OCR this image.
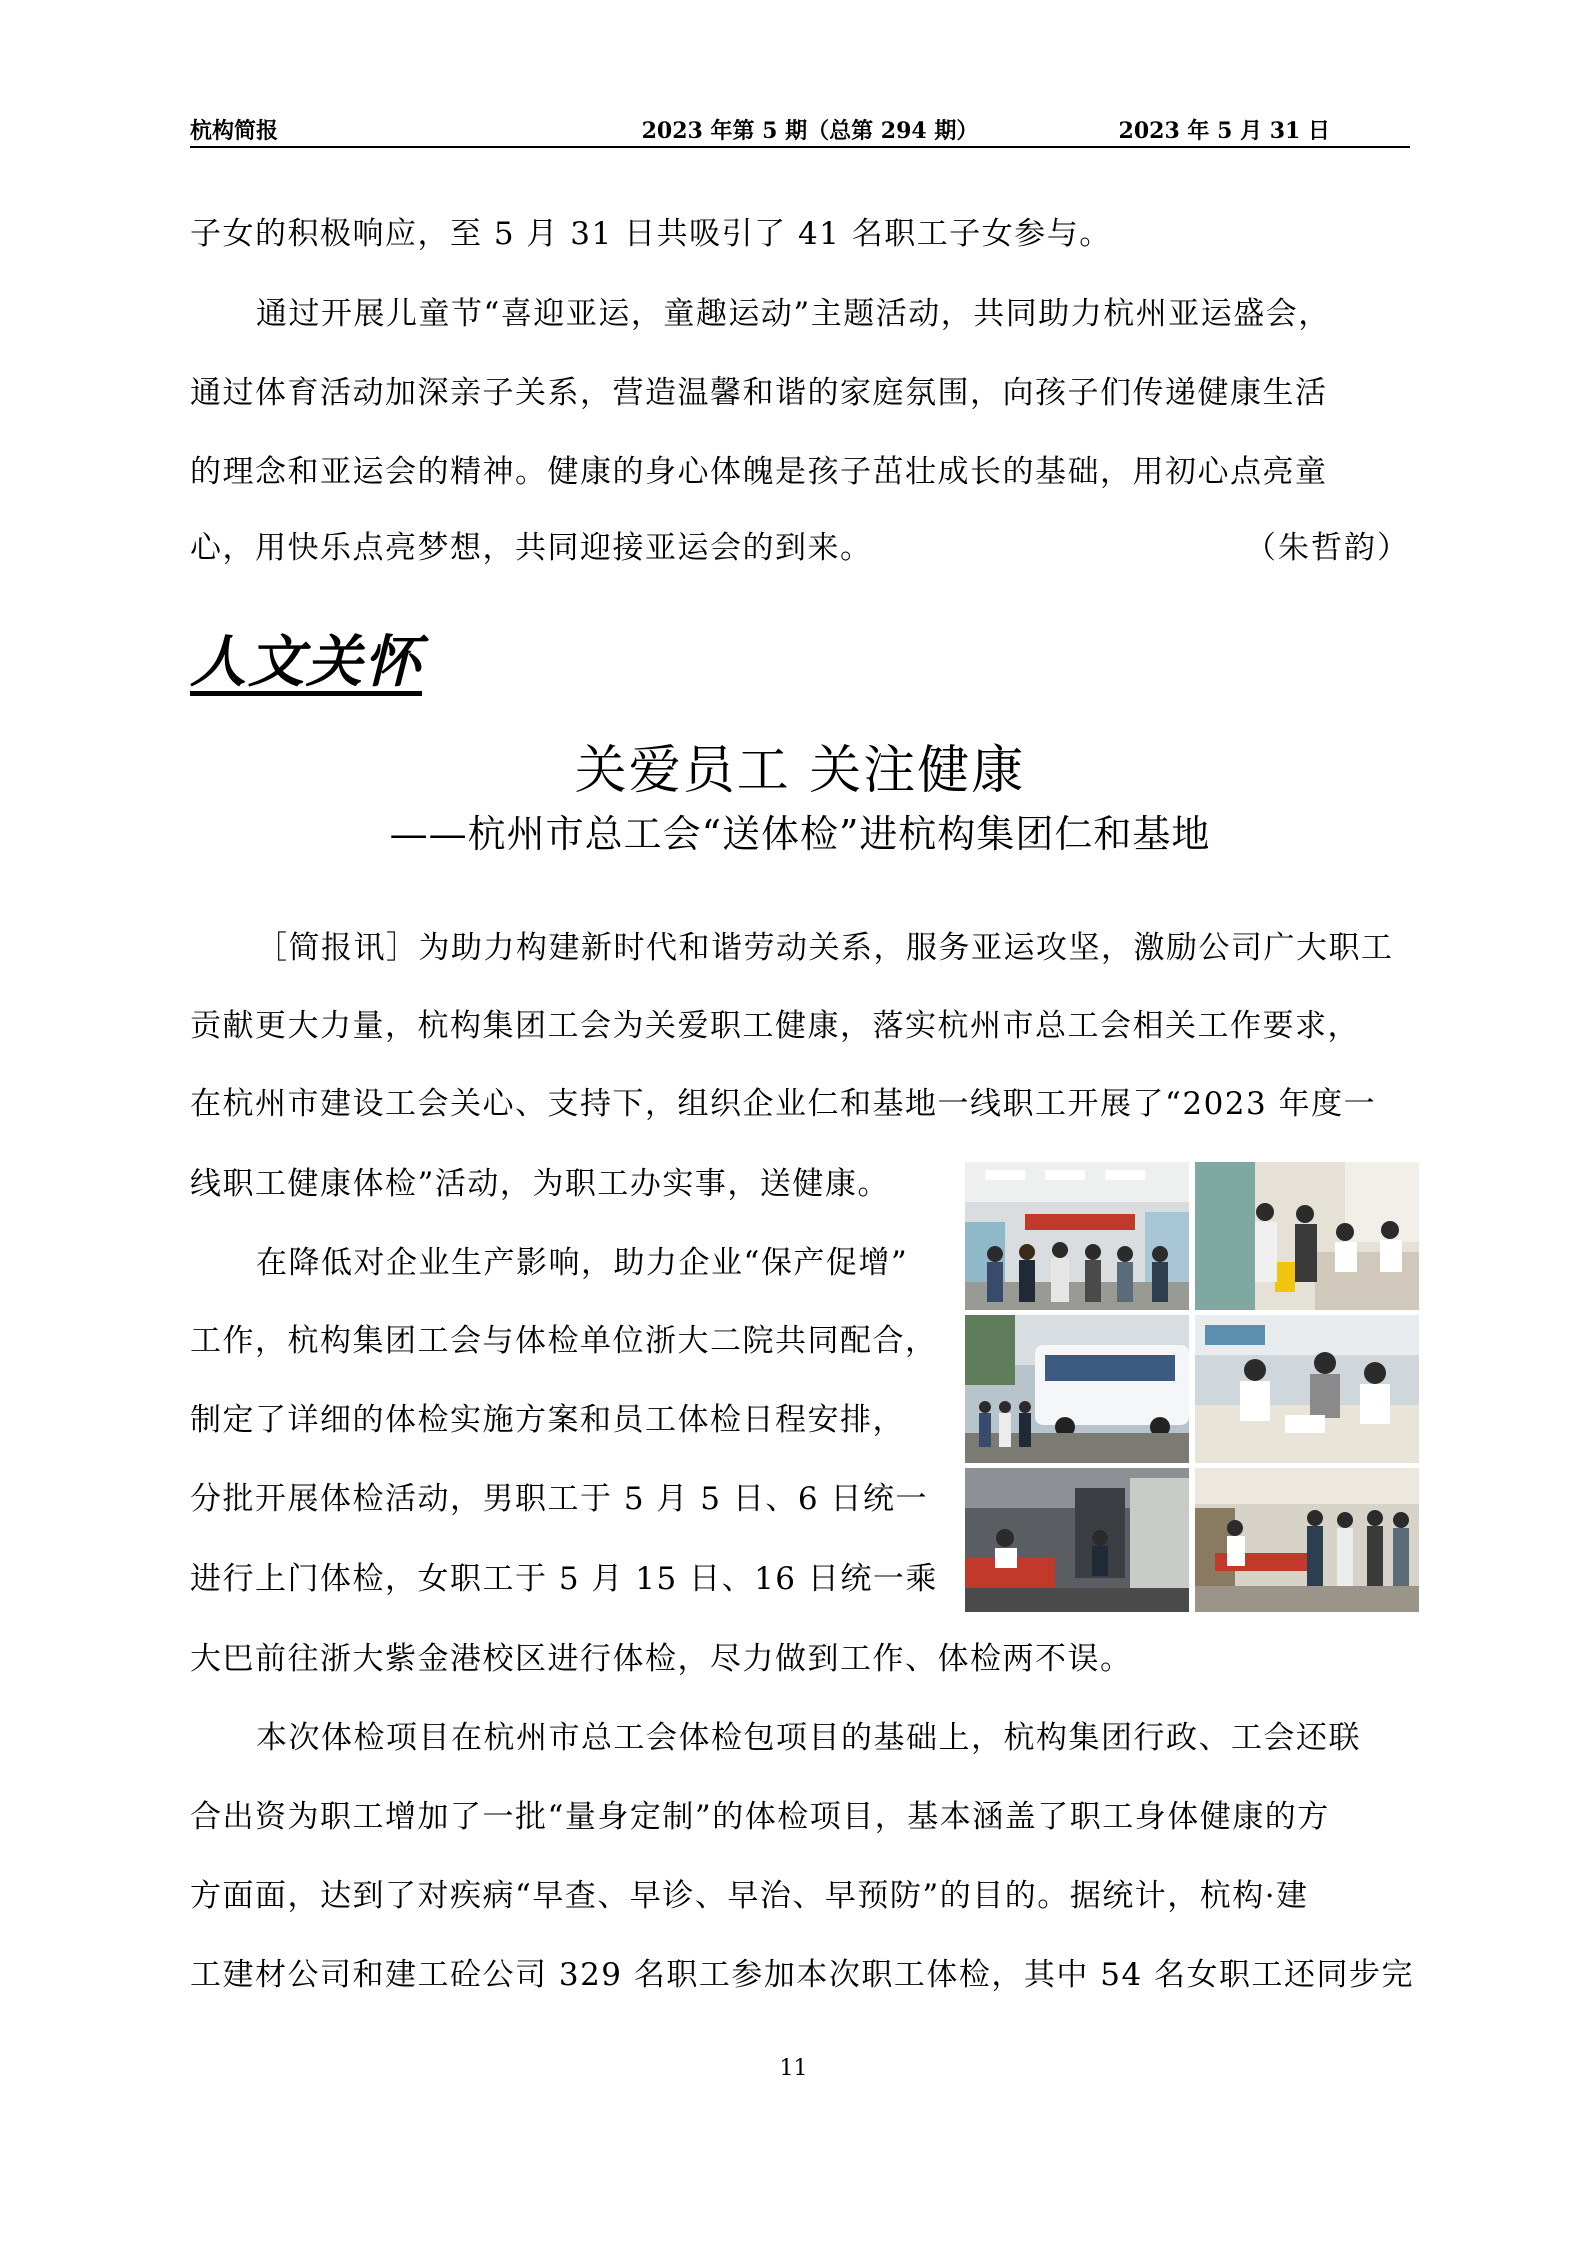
杭构简报	2023 年第 5 期（总第 294 期）	2023 年 5 月 31 日

子女的积极响应，至 5 月 31 日共吸引了 41 名职工子女参与。

通过开展儿童节“喜迎亚运，童趣运动”主题活动，共同助力杭州亚运盛会，

通过体育活动加深亲子关系，营造温馨和谐的家庭氛围，向孩子们传递健康生活

的理念和亚运会的精神。健康的身心体魄是孩子茁壮成长的基础，用初心点亮童

心，用快乐点亮梦想，共同迎接亚运会的到来。	（朱哲韵）
人文关怀
关爱员工 关注健康
——杭州市总工会“送体检”进杭构集团仁和基地

［简报讯］为助力构建新时代和谐劳动关系，服务亚运攻坚，激励公司广大职工

贡献更大力量，杭构集团工会为关爱职工健康，落实杭州市总工会相关工作要求，

在杭州市建设工会关心、支持下，组织企业仁和基地一线职工开展了“2023 年度一

线职工健康体检”活动，为职工办实事，送健康。

在降低对企业生产影响，助力企业“保产促增”

工作，杭构集团工会与体检单位浙大二院共同配合，

制定了详细的体检实施方案和员工体检日程安排，

分批开展体检活动，男职工于 5 月 5 日、6 日统一

进行上门体检，女职工于 5 月 15 日、16 日统一乘

大巴前往浙大紫金港校区进行体检，尽力做到工作、体检两不误。

本次体检项目在杭州市总工会体检包项目的基础上，杭构集团行政、工会还联

合出资为职工增加了一批“量身定制”的体检项目，基本涵盖了职工身体健康的方

方面面，达到了对疾病“早查、早诊、早治、早预防”的目的。据统计，杭构·建

工建材公司和建工砼公司 329 名职工参加本次职工体检，其中 54 名女职工还同步完

11
